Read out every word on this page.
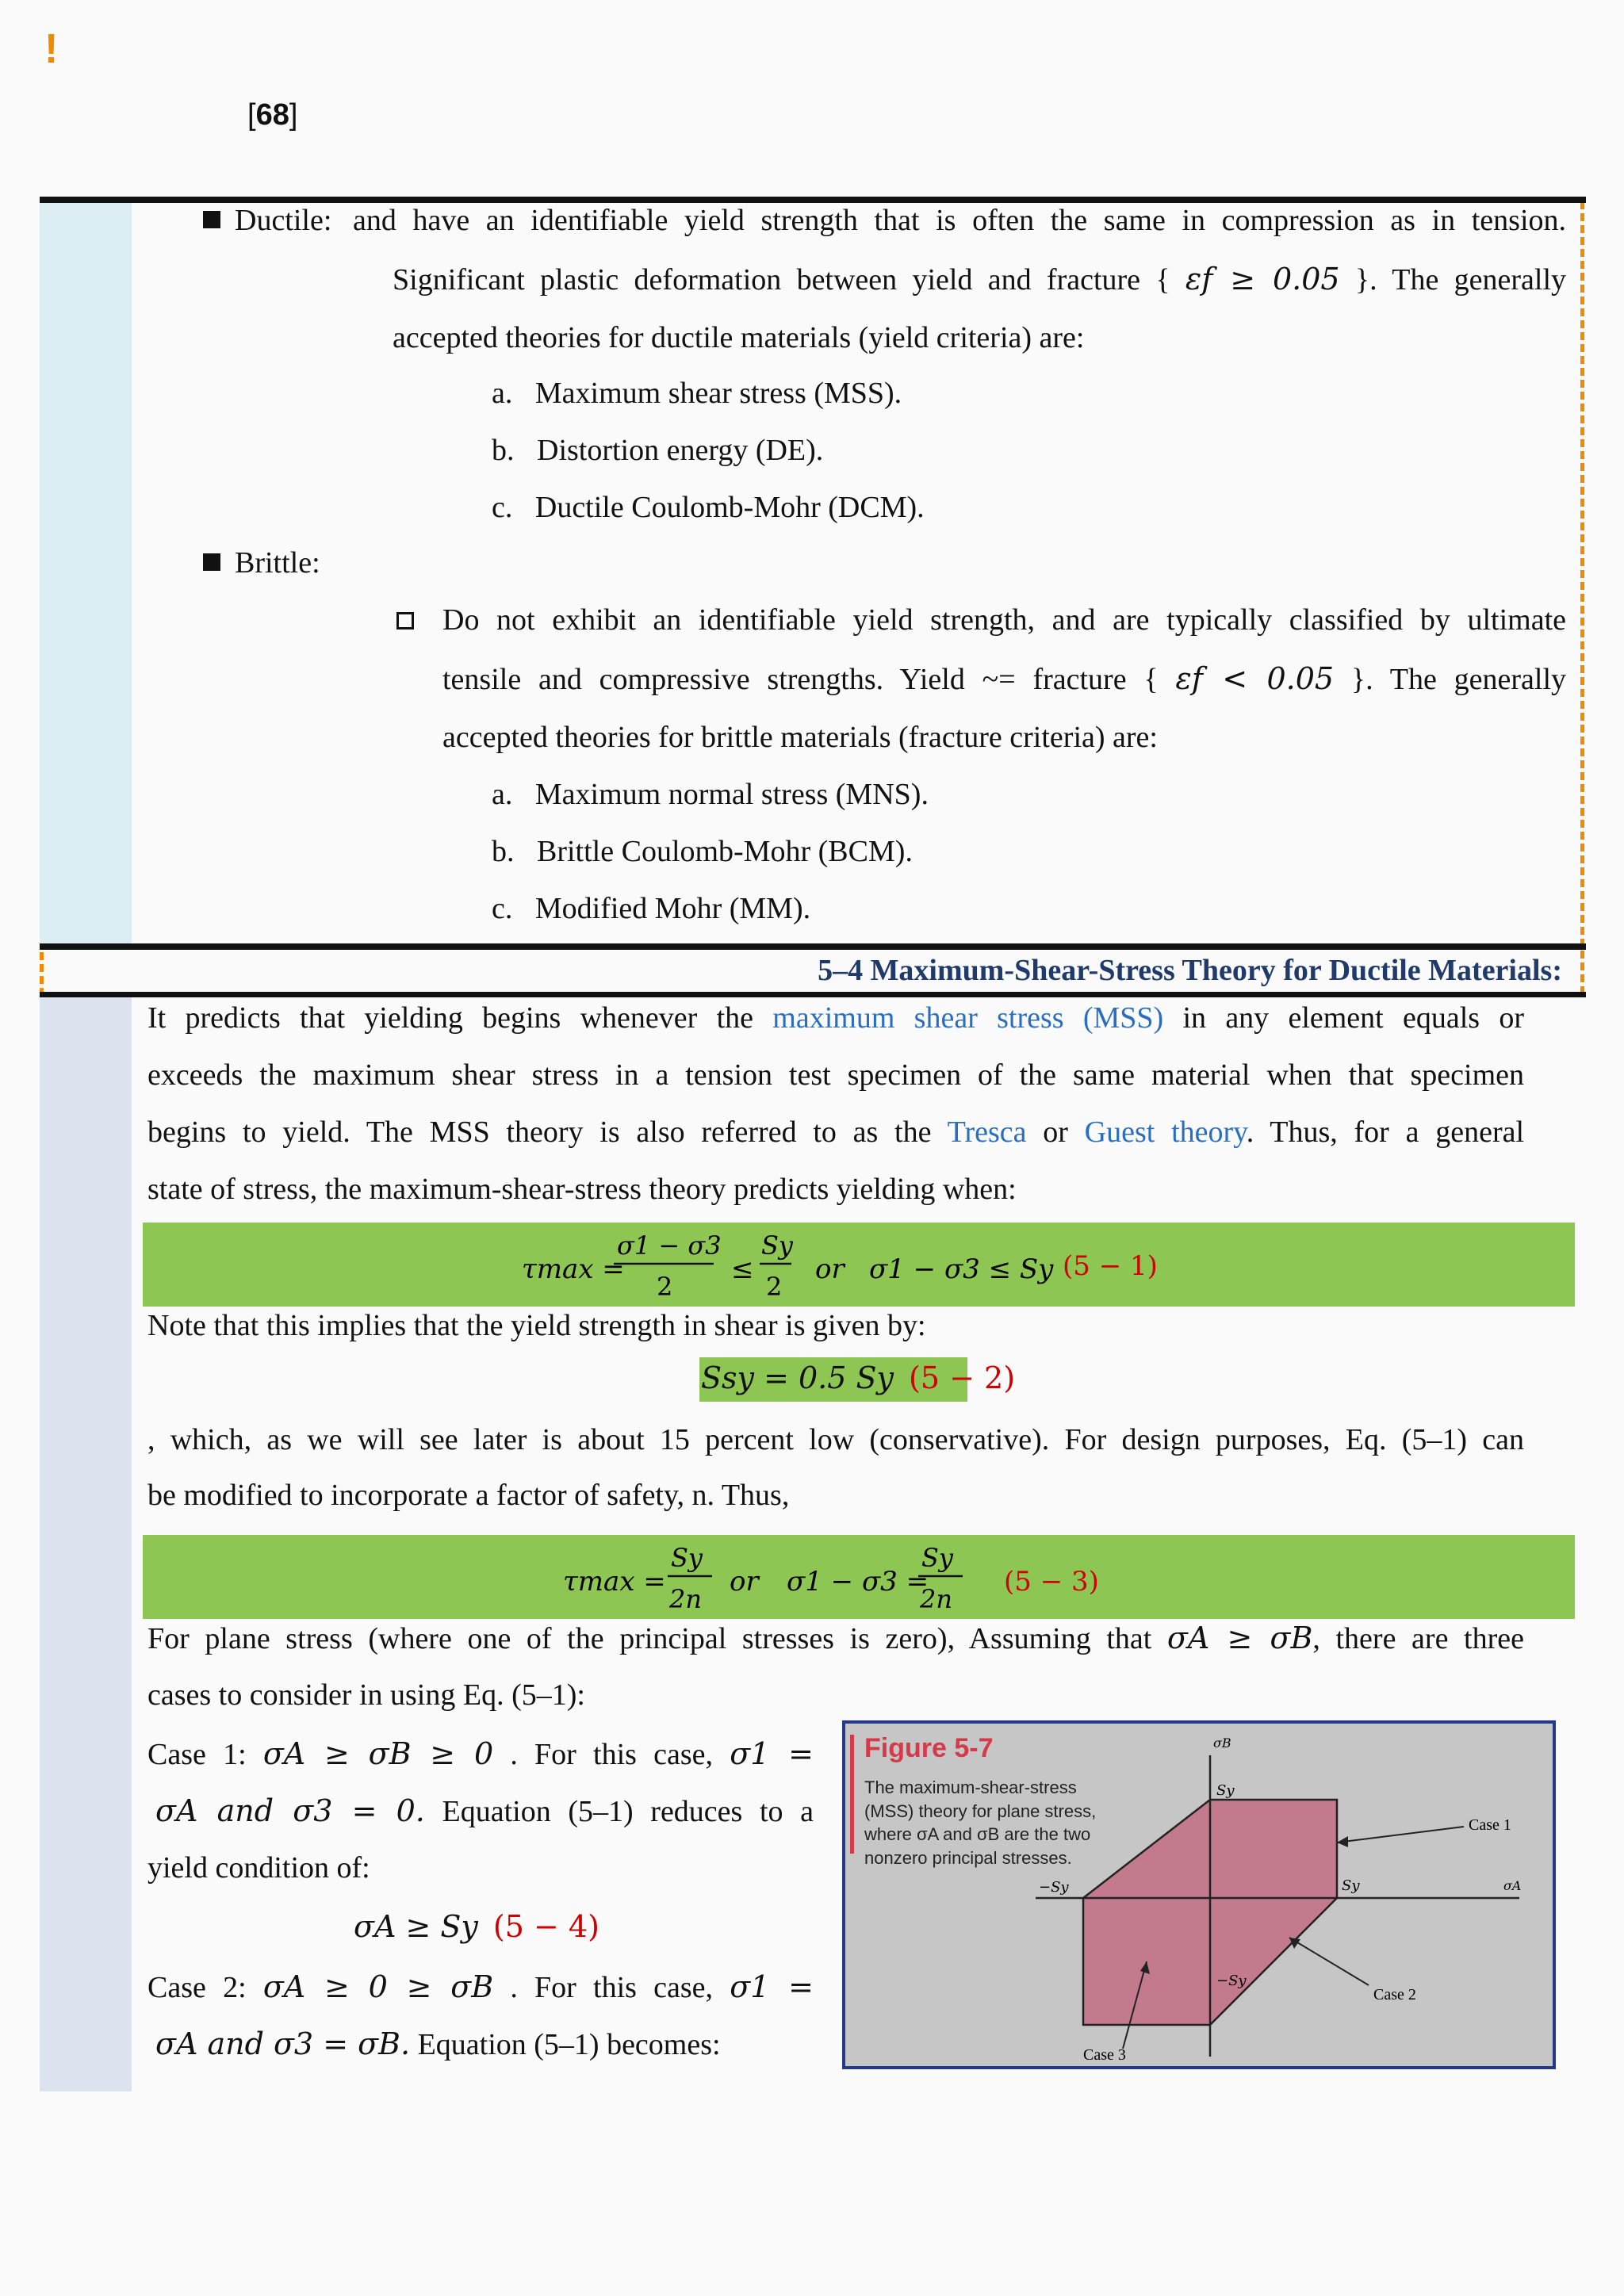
!
[68]
Ductile: and have an identifiable yield strength that is often the same in compression as in tension.
Significant plastic deformation between yield and fracture { εf ≥ 0.05 }. The generally
accepted theories for ductile materials (yield criteria) are:
a. Maximum shear stress (MSS).
b. Distortion energy (DE).
c. Ductile Coulomb-Mohr (DCM).
Brittle:
Do not exhibit an identifiable yield strength, and are typically classified by ultimate
tensile and compressive strengths. Yield ~= fracture { εf < 0.05 }. The generally
accepted theories for brittle materials (fracture criteria) are:
a. Maximum normal stress (MNS).
b. Brittle Coulomb-Mohr (BCM).
c. Modified Mohr (MM).
5–4 Maximum-Shear-Stress Theory for Ductile Materials:
It predicts that yielding begins whenever the maximum shear stress (MSS) in any element equals or
exceeds the maximum shear stress in a tension test specimen of the same material when that specimen
begins to yield. The MSS theory is also referred to as the Tresca or Guest theory. Thus, for a general
state of stress, the maximum-shear-stress theory predicts yielding when:
τmax =
σ1 − σ3
2
≤
Sy
2
or σ1 − σ3 ≤ Sy (5 − 1)
Note that this implies that the yield strength in shear is given by:
Ssy = 0.5 Sy (5 − 2)
, which, as we will see later is about 15 percent low (conservative). For design purposes, Eq. (5–1) can
be modified to incorporate a factor of safety, n. Thus,
τmax =
Sy
2n
or σ1 − σ3 =
Sy
2n
(5 − 3)
For plane stress (where one of the principal stresses is zero), Assuming that σA ≥ σB, there are three
cases to consider in using Eq. (5–1):
Case 1: σA ≥ σB ≥ 0 . For this case, σ1 =
σA and σ3 = 0. Equation (5–1) reduces to a
yield condition of:
σA ≥ Sy (5 − 4)
Case 2: σA ≥ 0 ≥ σB . For this case, σ1 =
σA and σ3 = σB. Equation (5–1) becomes:
Figure 5-7
The maximum-shear-stress (MSS) theory for plane stress, where σA and σB are the two nonzero principal stresses.
σB
σA
Sy
Sy
−Sy
−Sy
Case 1
Case 2
Case 3
